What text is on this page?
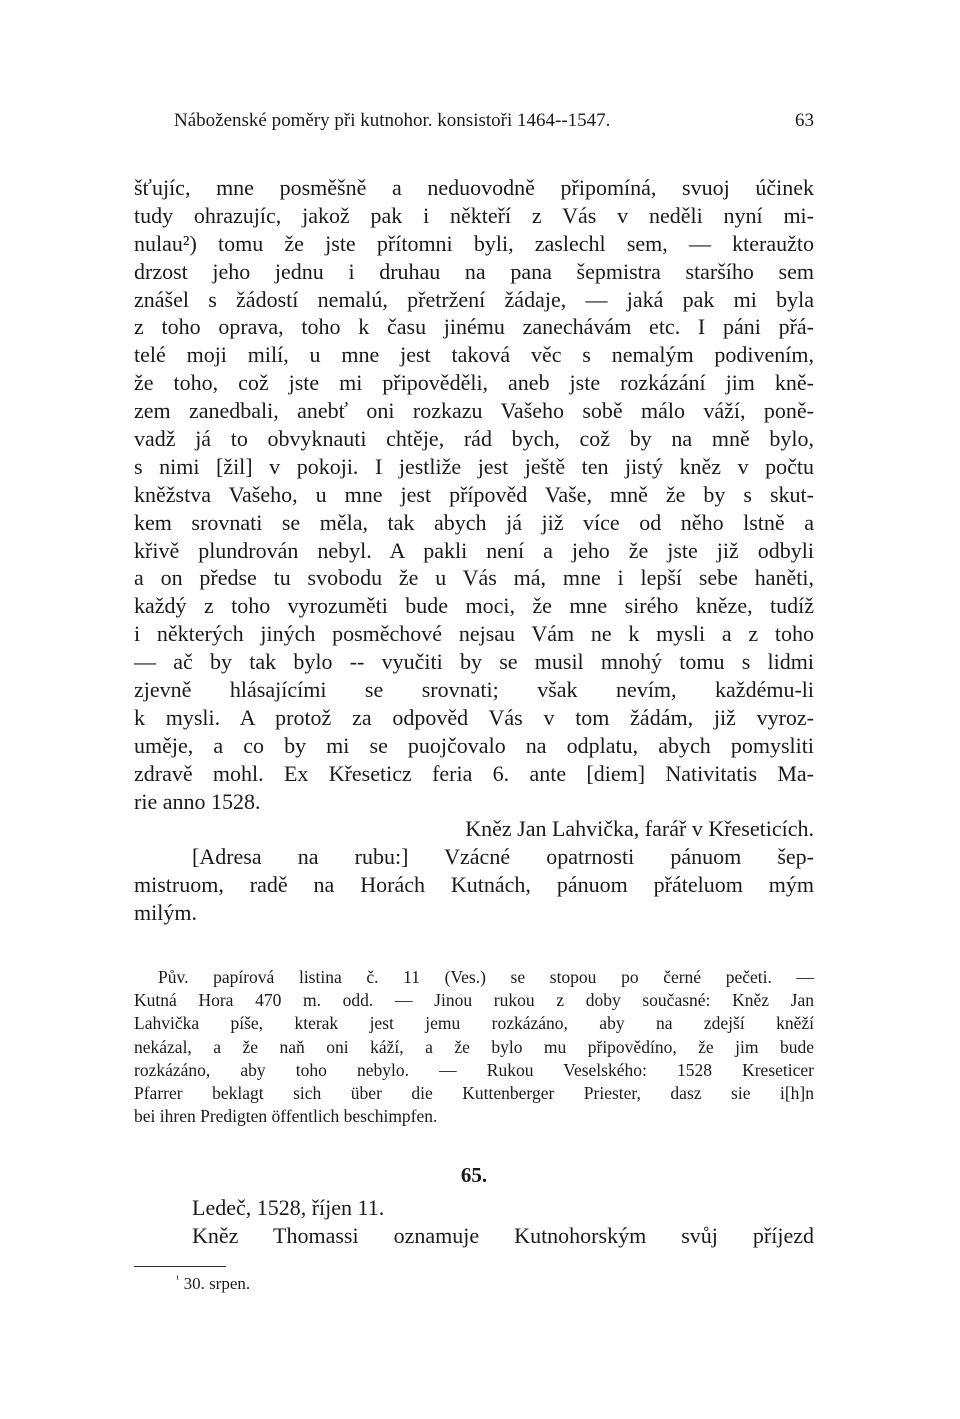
Náboženské poměry při kutnohor. konsistoři 1464--1547.	63
šťujíc, mne posměšně a neduovodně připomíná, svuoj účinek
tudy ohrazujíc, jakož pak i někteří z Vás v neděli nyní mi-
nulau²) tomu že jste přítomni byli, zaslechl sem, — kteraužto
drzost jeho jednu i druhau na pana šepmistra staršího sem
znášel s žádostí nemalú, přetržení žádaje, — jaká pak mi byla
z toho oprava, toho k času jinému zanechávám etc. I páni přá-
telé moji milí, u mne jest taková věc s nemalým podivením,
že toho, což jste mi připověděli, aneb jste rozkázání jim kně-
zem zanedbali, anebť oni rozkazu Vašeho sobě málo váží, poně-
vadž já to obvyknauti chtěje, rád bych, což by na mně bylo,
s nimi [žil] v pokoji. I jestliže jest ještě ten jistý kněz v počtu
kněžstva Vašeho, u mne jest přípověd Vaše, mně že by s skut-
kem srovnati se měla, tak abych já již více od něho lstně a
křivě plundrován nebyl. A pakli není a jeho že jste již odbyli
a on předse tu svobodu že u Vás má, mne i lepší sebe haněti,
každý z toho vyrozuměti bude moci, že mne sirého kněze, tudíž
i některých jiných posměchové nejsau Vám ne k mysli a z toho
— ač by tak bylo -- vyučiti by se musil mnohý tomu s lidmi
zjevně hlásajícími se srovnati; však nevím, každému-li
k mysli. A protož za odpověd Vás v tom žádám, již vyroz-
uměje, a co by mi se puojčovalo na odplatu, abych pomysliti
zdravě mohl. Ex Křeseticz feria 6. ante [diem] Nativitatis Ma-
rie anno 1528.
Kněz Jan Lahvička, farář v Křeseticích.
[Adresa na rubu:] Vzácné opatrnosti pánuom šep-
mistruom, radě na Horách Kutnách, pánuom přáteluom mým
milým.
Pův. papírová listina č. 11 (Ves.) se stopou po černé pečeti. —
Kutná Hora 470 m. odd. — Jinou rukou z doby současné: Kněz Jan
Lahvička píše, kterak jest jemu rozkázáno, aby na zdejší kněží
nekázal, a že naň oni káží, a že bylo mu připovědíno, že jim bude
rozkázáno, aby toho nebylo. — Rukou Veselského: 1528 Kreseticer
Pfarrer beklagt sich über die Kuttenberger Priester, dasz sie i[h]n
bei ihren Predigten öffentlich beschimpfen.
65.
Ledeč, 1528, říjen 11.
Kněz Thomassi oznamuje Kutnohorským svůj příjezd
$^{^1}$ 30. srpen.
